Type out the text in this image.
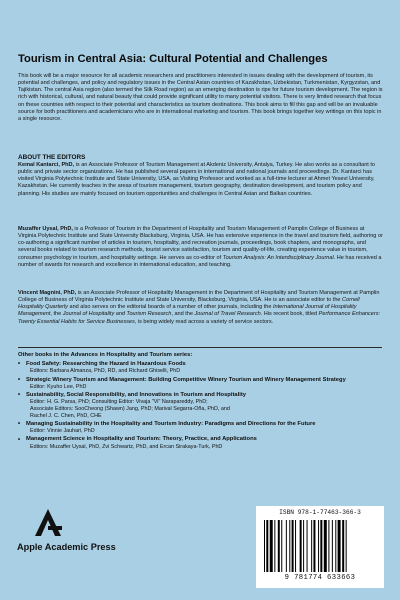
Tourism in Central Asia: Cultural Potential and Challenges
This book will be a major resource for all academic researchers and practitioners interested in issues dealing with the development of tourism, its potential and challenges, and policy and regulatory issues in the Central Asian countries of Kazakhstan, Uzbekistan, Turkmenistan, Kyrgyzstan, and Tajikistan. The central Asia region (also termed the Silk Road region) as an emerging destination is ripe for future tourism development. The region is rich with historical, cultural, and natural beauty that could provide significant utility to many potential visitors. There is very limited research that focus on these countries with respect to their potential and characteristics as tourism destinations. This book aims to fill this gap and will be an invaluable source for both practitioners and academicians who are in international marketing and tourism. This book brings together key writings on this topic in a single resource.
ABOUT THE EDITORS
Kemal Kantarci, PhD, is an Associate Professor of Tourism Management at Akdeniz University, Antalya, Turkey. He also works as a consultant to public and private sector organizations. He has published several papers in international and national journals and proceedings. Dr. Kantarci has visited Virginia Polytechnic Institute and State University, USA, as Visiting Professor and worked as a full-time lecturer at Ahmet Yesevi University, Kazakhstan. He currently teaches in the areas of tourism management, tourism geography, destination development, and tourism policy and planning. His studies are mainly focused on tourism opportunities and challenges in Central Asian and Balkan countries.
Muzaffer Uysal, PhD, is a Professor of Tourism in the Department of Hospitality and Tourism Management of Pamplin College of Business at Virginia Polytechnic Institute and State University Blacksburg, Virginia, USA. He has extensive experience in the travel and tourism field, authoring or co-authoring a significant number of articles in tourism, hospitality, and recreation journals, proceedings, book chapters, and monographs, and several books related to tourism research methods, tourist service satisfaction, tourism and quality-of-life, creating experience value in tourism, consumer psychology in tourism, and hospitality settings. He serves as co-editor of Tourism Analysis: An Interdisciplinary Journal. He has received a number of awards for research and excellence in international education, and teaching.
Vincent Magnini, PhD, is an Associate Professor of Hospitality Management in the Department of Hospitality and Tourism Management at Pamplin College of Business of Virginia Polytechnic Institute and State University, Blacksburg, Virginia, USA. He is an associate editor to the Cornell Hospitality Quarterly and also serves on the editorial boards of a number of other journals, including the International Journal of Hospitality Management, the Journal of Hospitality and Tourism Research, and the Journal of Travel Research. His recent book, titled Performance Enhancers: Twenty Essential Habits for Service Businesses, is being widely read across a variety of service sectors.
Other books in the Advances in Hospitality and Tourism series:
• Food Safety: Researching the Hazard in Hazardous Foods
Editors: Barbara Almanza, PhD, RD, and Richard Ghiselli, PhD
• Strategic Winery Tourism and Management: Building Competitive Winery Tourism and Winery Management Strategy
Editor: Kyuho Lee, PhD
• Sustainability, Social Responsibility, and Innovations in Tourism and Hospitality
Editor: H. G. Parsa, PhD; Consulting Editor: Vivaja "Vi" Narapareddy, PhD;
Associate Editors: SooCheong (Shawn) Jang, PhD; Marival Segarra-Oña, PhD, and
Rachel J. C. Chen, PhD, CHE
• Managing Sustainability in the Hospitality and Tourism Industry: Paradigms and Directions for the Future
Editor: Vinnie Jauhari, PhD
• Management Science in Hospitality and Tourism: Theory, Practice, and Applications
Editors: Muzaffer Uysal, PhD, Zvi Schwartz, PhD, and Ercan Sirakaya-Turk, PhD
Apple Academic Press
ISBN 978-1-77463-366-3
9 781774 633663
